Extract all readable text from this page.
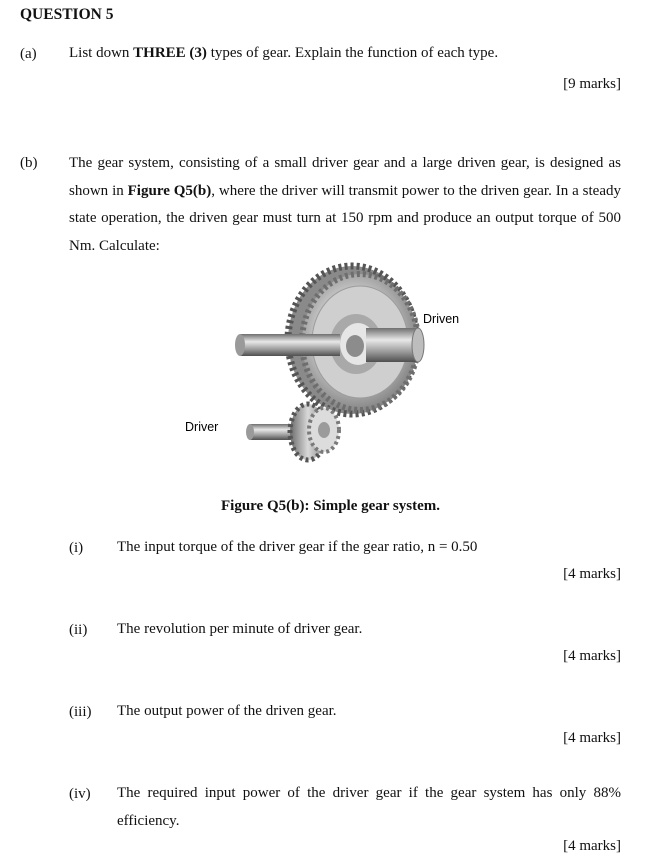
QUESTION 5
(a) List down THREE (3) types of gear. Explain the function of each type.
[9 marks]
(b) The gear system, consisting of a small driver gear and a large driven gear, is designed as shown in Figure Q5(b), where the driver will transmit power to the driven gear. In a steady state operation, the driven gear must turn at 150 rpm and produce an output torque of 500 Nm. Calculate:
Driven
Driver
Figure Q5(b): Simple gear system.
(i) The input torque of the driver gear if the gear ratio, n = 0.50
[4 marks]
(ii) The revolution per minute of driver gear.
[4 marks]
(iii) The output power of the driven gear.
[4 marks]
(iv) The required input power of the driver gear if the gear system has only 88% efficiency.
[4 marks]
